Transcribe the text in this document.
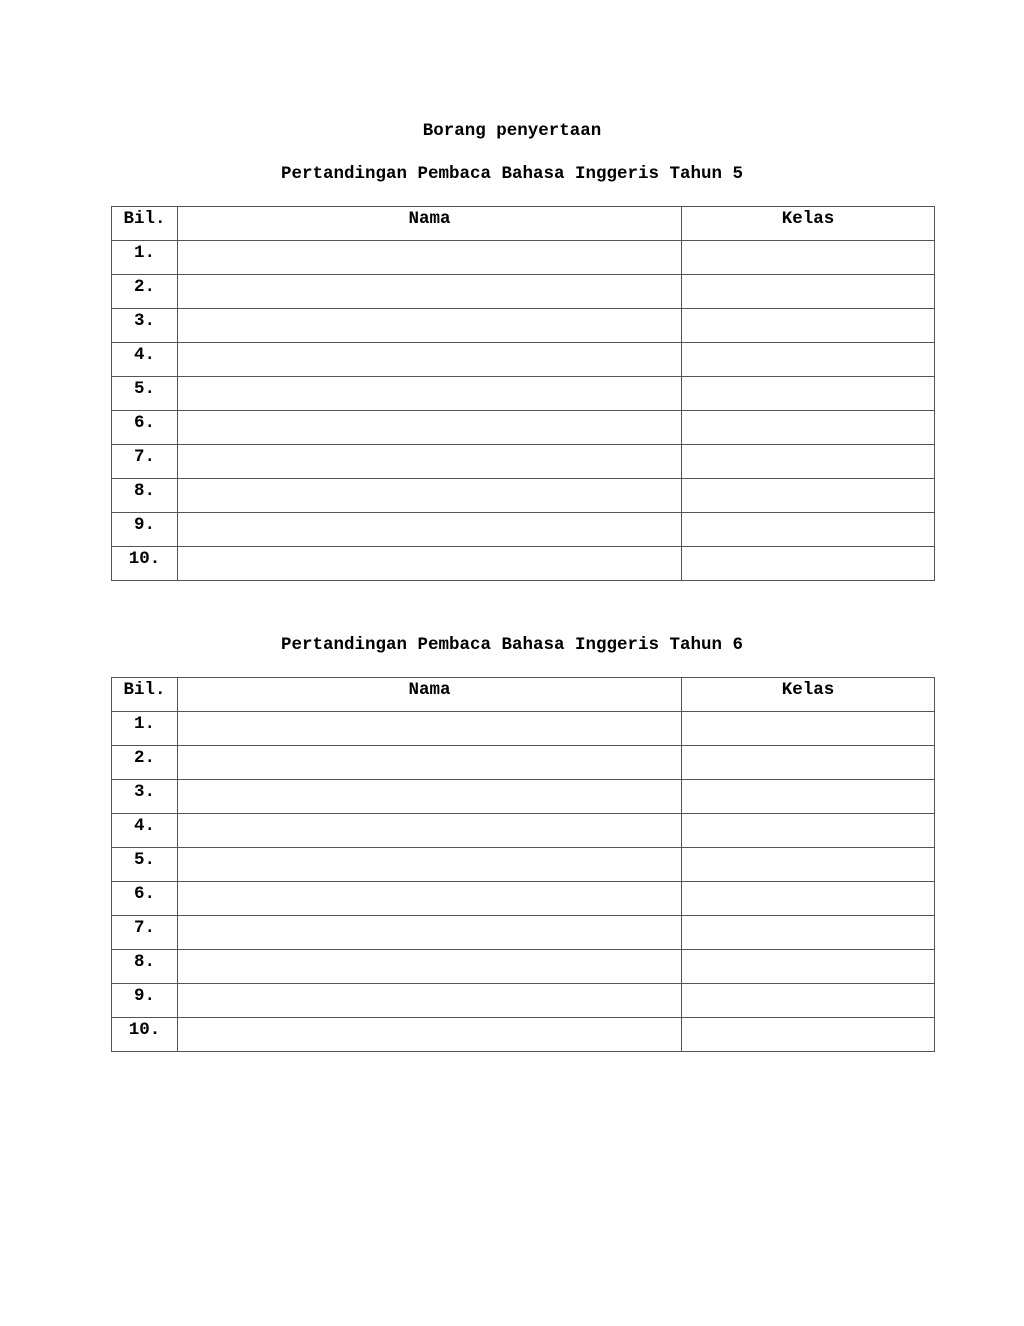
Borang penyertaan
Pertandingan Pembaca Bahasa Inggeris Tahun 5
Bil.	Nama	Kelas
1.		
2.		
3.		
4.		
5.		
6.		
7.		
8.		
9.		
10.		
Pertandingan Pembaca Bahasa Inggeris Tahun 6
Bil.	Nama	Kelas
1.		
2.		
3.		
4.		
5.		
6.		
7.		
8.		
9.		
10.		
